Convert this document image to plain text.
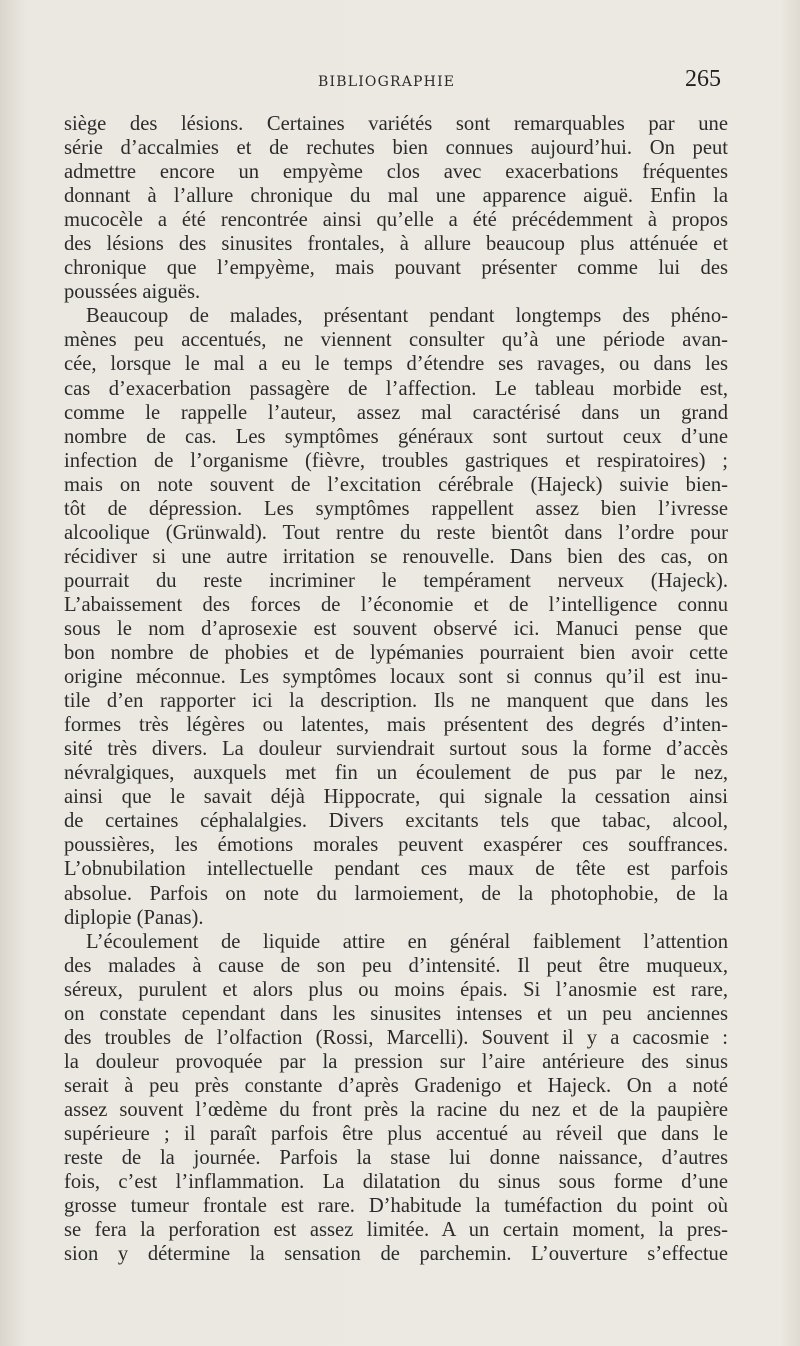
BIBLIOGRAPHIE	265
siège des lésions. Certaines variétés sont remarquables par une
série d’accalmies et de rechutes bien connues aujourd’hui. On peut
admettre encore un empyème clos avec exacerbations fréquentes
donnant à l’allure chronique du mal une apparence aiguë. Enfin la
mucocèle a été rencontrée ainsi qu’elle a été précédemment à propos
des lésions des sinusites frontales, à allure beaucoup plus atténuée et
chronique que l’empyème, mais pouvant présenter comme lui des
poussées aiguës.
Beaucoup de malades, présentant pendant longtemps des phéno-
mènes peu accentués, ne viennent consulter qu’à une période avan-
cée, lorsque le mal a eu le temps d’étendre ses ravages, ou dans les
cas d’exacerbation passagère de l’affection. Le tableau morbide est,
comme le rappelle l’auteur, assez mal caractérisé dans un grand
nombre de cas. Les symptômes généraux sont surtout ceux d’une
infection de l’organisme (fièvre, troubles gastriques et respiratoires) ;
mais on note souvent de l’excitation cérébrale (Hajeck) suivie bien-
tôt de dépression. Les symptômes rappellent assez bien l’ivresse
alcoolique (Grünwald). Tout rentre du reste bientôt dans l’ordre pour
récidiver si une autre irritation se renouvelle. Dans bien des cas, on
pourrait du reste incriminer le tempérament nerveux (Hajeck).
L’abaissement des forces de l’économie et de l’intelligence connu
sous le nom d’aprosexie est souvent observé ici. Manuci pense que
bon nombre de phobies et de lypémanies pourraient bien avoir cette
origine méconnue. Les symptômes locaux sont si connus qu’il est inu-
tile d’en rapporter ici la description. Ils ne manquent que dans les
formes très légères ou latentes, mais présentent des degrés d’inten-
sité très divers. La douleur surviendrait surtout sous la forme d’accès
névralgiques, auxquels met fin un écoulement de pus par le nez,
ainsi que le savait déjà Hippocrate, qui signale la cessation ainsi
de certaines céphalalgies. Divers excitants tels que tabac, alcool,
poussières, les émotions morales peuvent exaspérer ces souffrances.
L’obnubilation intellectuelle pendant ces maux de tête est parfois
absolue. Parfois on note du larmoiement, de la photophobie, de la
diplopie (Panas).
L’écoulement de liquide attire en général faiblement l’attention
des malades à cause de son peu d’intensité. Il peut être muqueux,
séreux, purulent et alors plus ou moins épais. Si l’anosmie est rare,
on constate cependant dans les sinusites intenses et un peu anciennes
des troubles de l’olfaction (Rossi, Marcelli). Souvent il y a cacosmie :
la douleur provoquée par la pression sur l’aire antérieure des sinus
serait à peu près constante d’après Gradenigo et Hajeck. On a noté
assez souvent l’œdème du front près la racine du nez et de la paupière
supérieure ; il paraît parfois être plus accentué au réveil que dans le
reste de la journée. Parfois la stase lui donne naissance, d’autres
fois, c’est l’inflammation. La dilatation du sinus sous forme d’une
grosse tumeur frontale est rare. D’habitude la tuméfaction du point où
se fera la perforation est assez limitée. A un certain moment, la pres-
sion y détermine la sensation de parchemin. L’ouverture s’effectue
